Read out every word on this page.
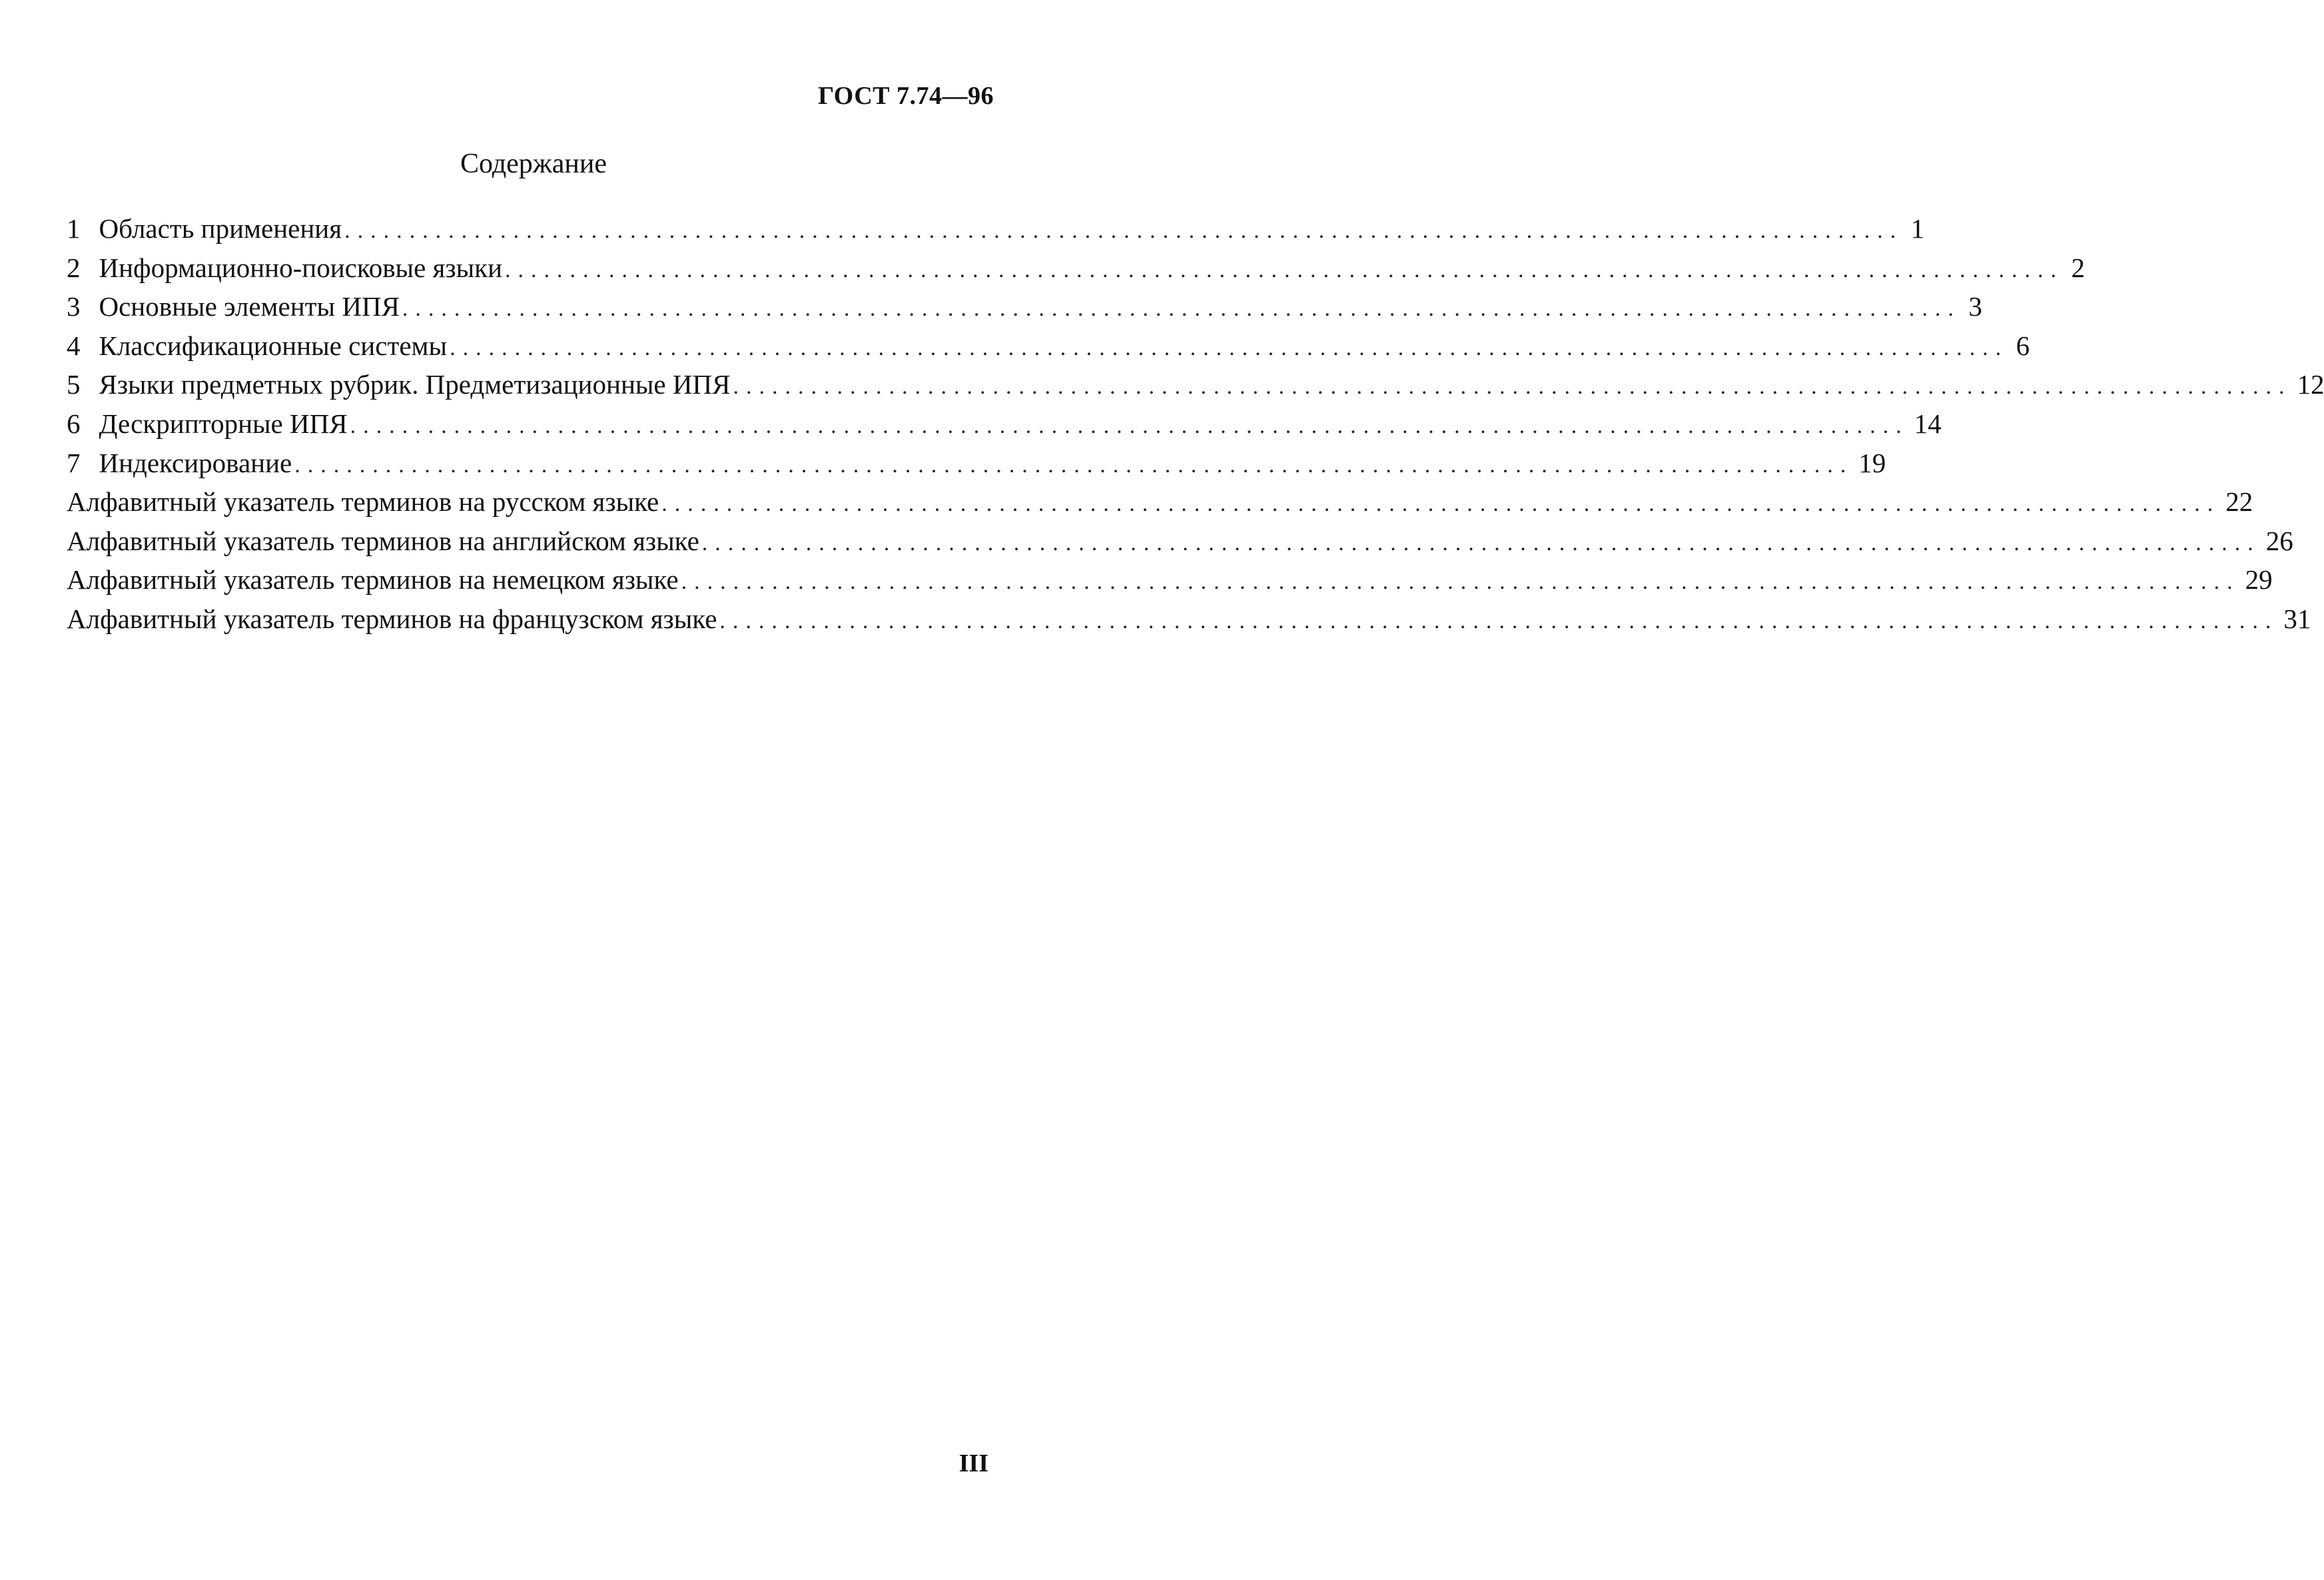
ГОСТ 7.74—96
Содержание
1 Область применения ........................................................................................................................ 1
2 Информационно-поисковые языки ........................................................................................................................ 2
3 Основные элементы ИПЯ ........................................................................................................................ 3
4 Классификационные системы ........................................................................................................................ 6
5 Языки предметных рубрик. Предметизационные ИПЯ ........................................................................................................................ 12
6 Дескрипторные ИПЯ ........................................................................................................................ 14
7 Индексирование ........................................................................................................................ 19
Алфавитный указатель терминов на русском языке ........................................................................................................................ 22
Алфавитный указатель терминов на английском языке ........................................................................................................................ 26
Алфавитный указатель терминов на немецком языке ........................................................................................................................ 29
Алфавитный указатель терминов на французском языке ........................................................................................................................ 31
III
